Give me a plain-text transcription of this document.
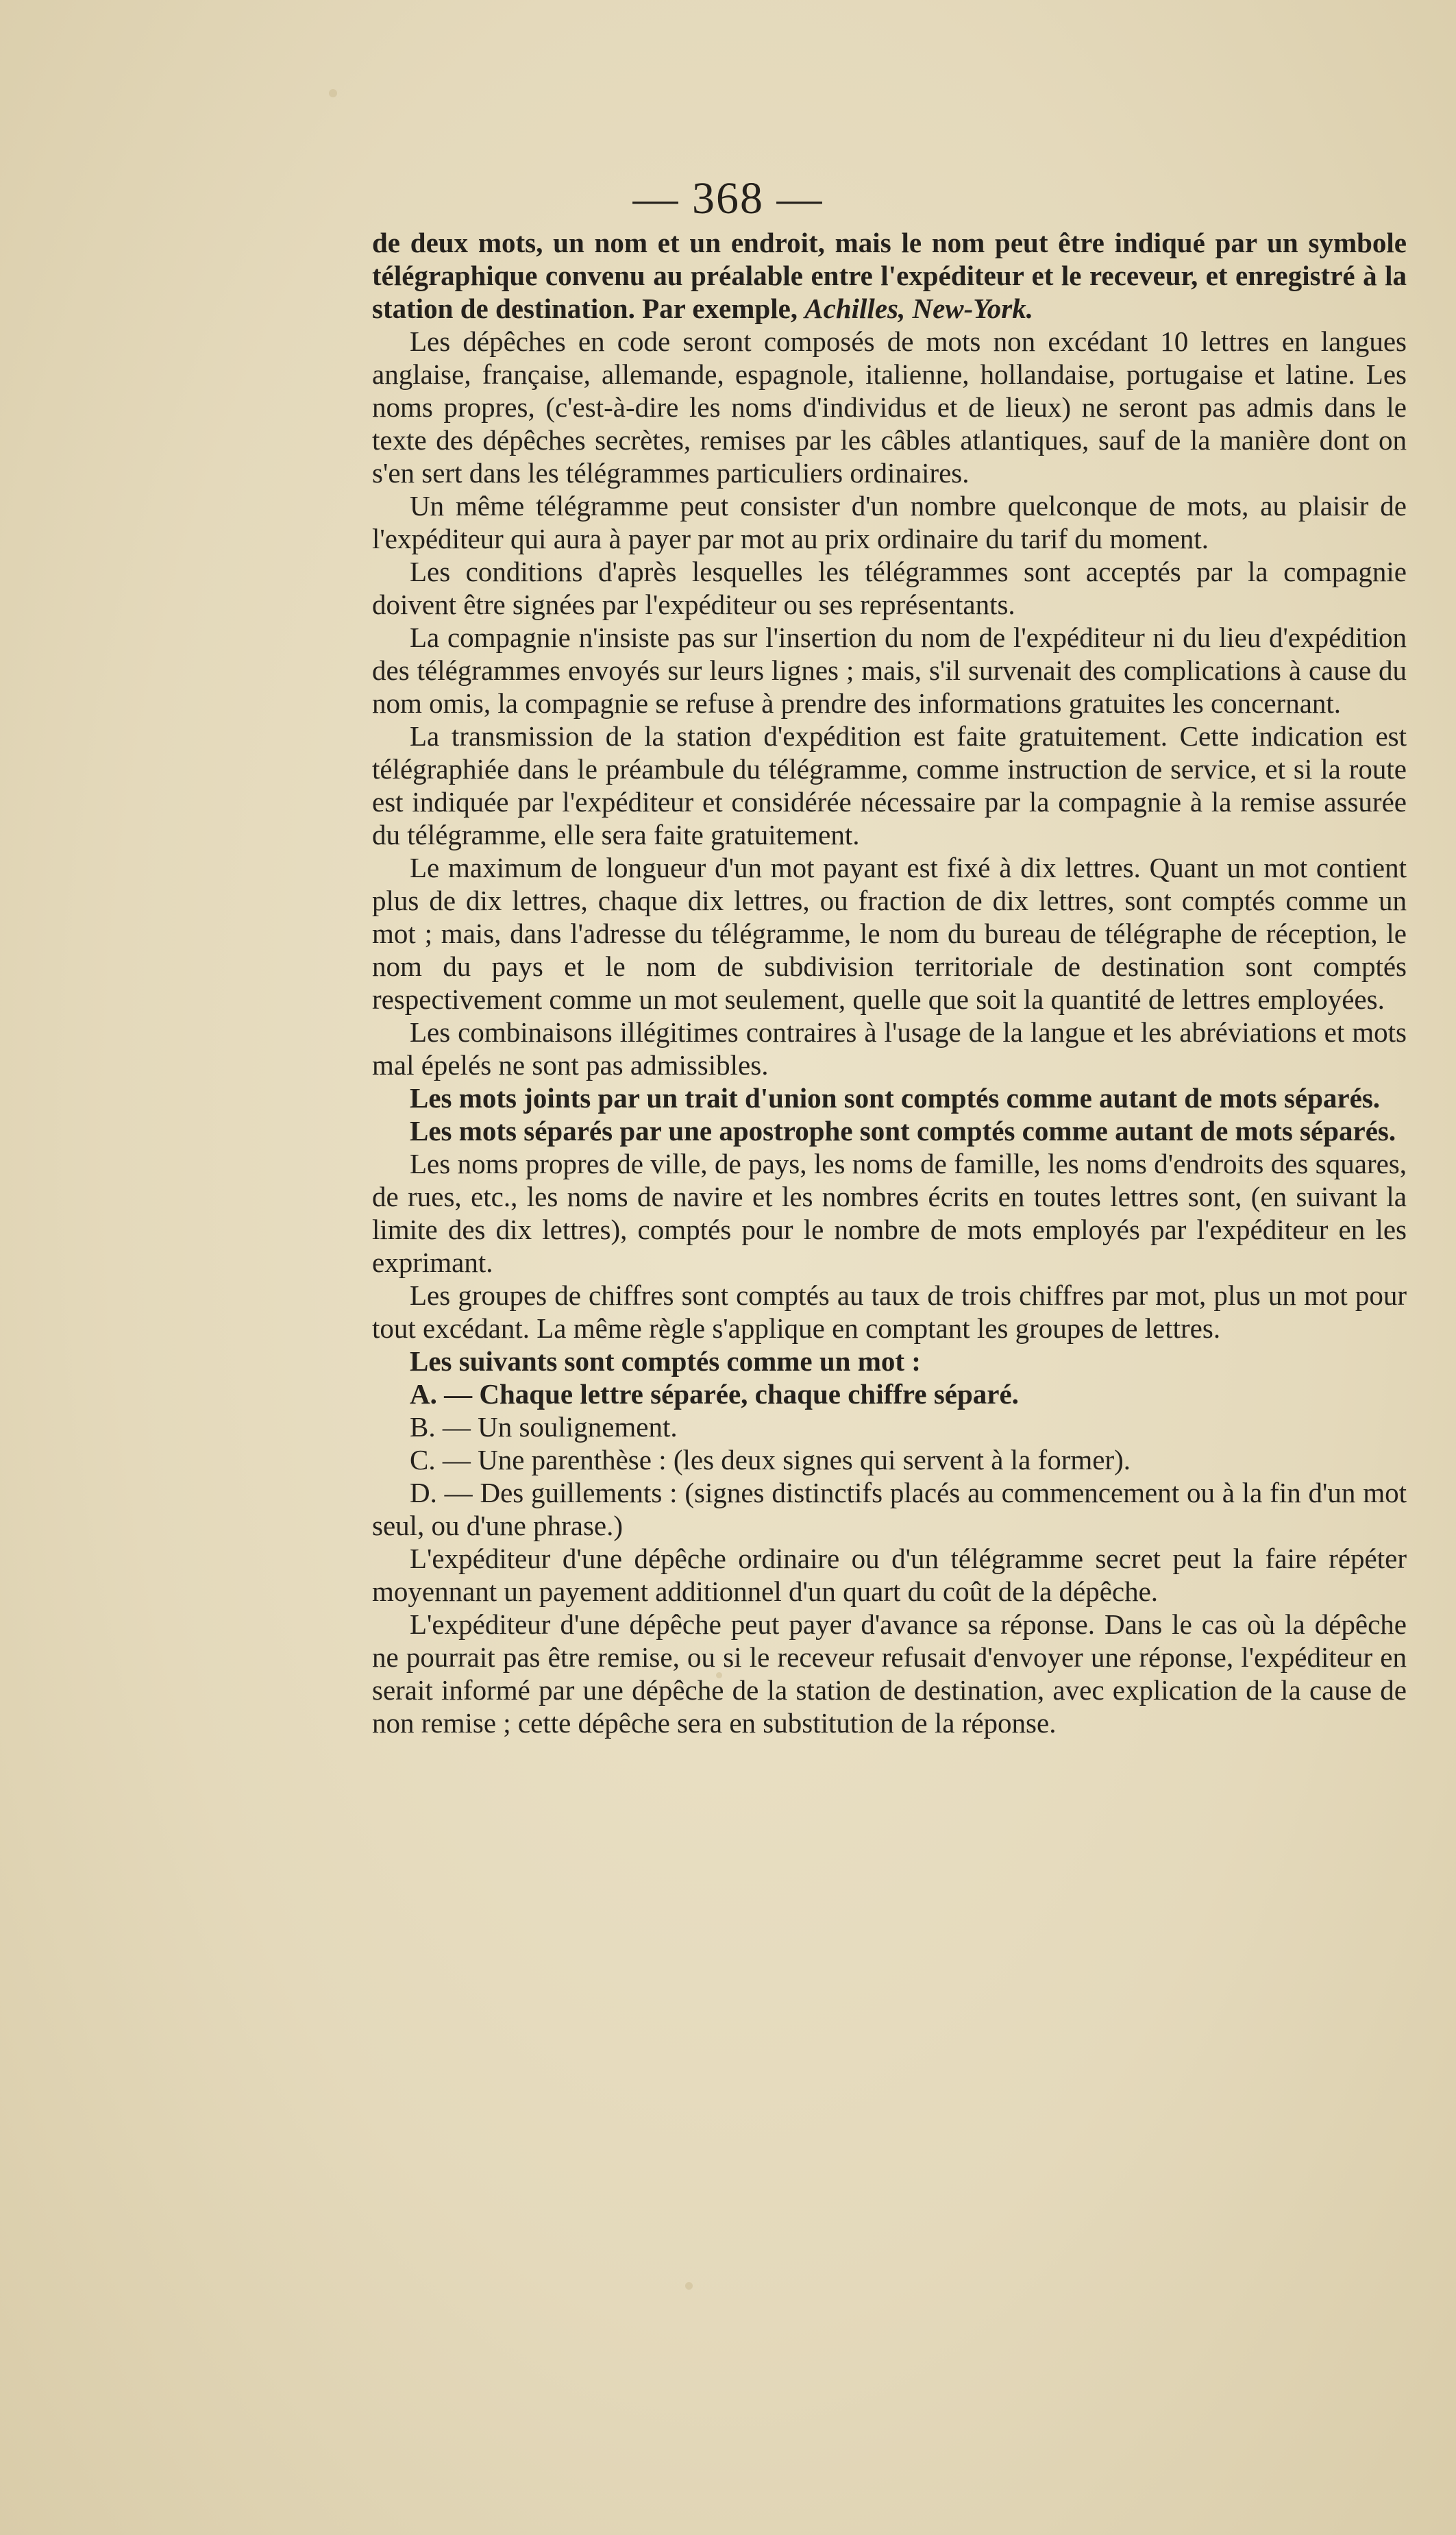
— 368 —

de deux mots, un nom et un endroit, mais le nom peut être indiqué par un symbole télégraphique convenu au préalable entre l'expéditeur et le receveur, et enregistré à la station de destination. Par exemple, Achilles, New-York.

Les dépêches en code seront composés de mots non excédant 10 lettres en langues anglaise, française, allemande, espagnole, italienne, hollandaise, portugaise et latine. Les noms propres, (c'est-à-dire les noms d'individus et de lieux) ne seront pas admis dans le texte des dépêches secrètes, remises par les câbles atlantiques, sauf de la manière dont on s'en sert dans les télégrammes particuliers ordinaires.

Un même télégramme peut consister d'un nombre quelconque de mots, au plaisir de l'expéditeur qui aura à payer par mot au prix ordinaire du tarif du moment.

Les conditions d'après lesquelles les télégrammes sont acceptés par la compagnie doivent être signées par l'expéditeur ou ses représentants.

La compagnie n'insiste pas sur l'insertion du nom de l'expéditeur ni du lieu d'expédition des télégrammes envoyés sur leurs lignes ; mais, s'il survenait des complications à cause du nom omis, la compagnie se refuse à prendre des informations gratuites les concernant.

La transmission de la station d'expédition est faite gratuitement. Cette indication est télégraphiée dans le préambule du télégramme, comme instruction de service, et si la route est indiquée par l'expéditeur et considérée nécessaire par la compagnie à la remise assurée du télégramme, elle sera faite gratuitement.

Le maximum de longueur d'un mot payant est fixé à dix lettres. Quant un mot contient plus de dix lettres, chaque dix lettres, ou fraction de dix lettres, sont comptés comme un mot ; mais, dans l'adresse du télégramme, le nom du bureau de télégraphe de réception, le nom du pays et le nom de subdivision territoriale de destination sont comptés respectivement comme un mot seulement, quelle que soit la quantité de lettres employées.

Les combinaisons illégitimes contraires à l'usage de la langue et les abréviations et mots mal épelés ne sont pas admissibles.

Les mots joints par un trait d'union sont comptés comme autant de mots séparés.

Les mots séparés par une apostrophe sont comptés comme autant de mots séparés.

Les noms propres de ville, de pays, les noms de famille, les noms d'endroits des squares, de rues, etc., les noms de navire et les nombres écrits en toutes lettres sont, (en suivant la limite des dix lettres), comptés pour le nombre de mots employés par l'expéditeur en les exprimant.

Les groupes de chiffres sont comptés au taux de trois chiffres par mot, plus un mot pour tout excédant. La même règle s'applique en comptant les groupes de lettres.

Les suivants sont comptés comme un mot :

A. — Chaque lettre séparée, chaque chiffre séparé.

B. — Un soulignement.

C. — Une parenthèse : (les deux signes qui servent à la former).

D. — Des guillements : (signes distinctifs placés au commencement ou à la fin d'un mot seul, ou d'une phrase.)

L'expéditeur d'une dépêche ordinaire ou d'un télégramme secret peut la faire répéter moyennant un payement additionnel d'un quart du coût de la dépêche.

L'expéditeur d'une dépêche peut payer d'avance sa réponse. Dans le cas où la dépêche ne pourrait pas être remise, ou si le receveur refusait d'envoyer une réponse, l'expéditeur en serait informé par une dépêche de la station de destination, avec explication de la cause de non remise ; cette dépêche sera en substitution de la réponse.
